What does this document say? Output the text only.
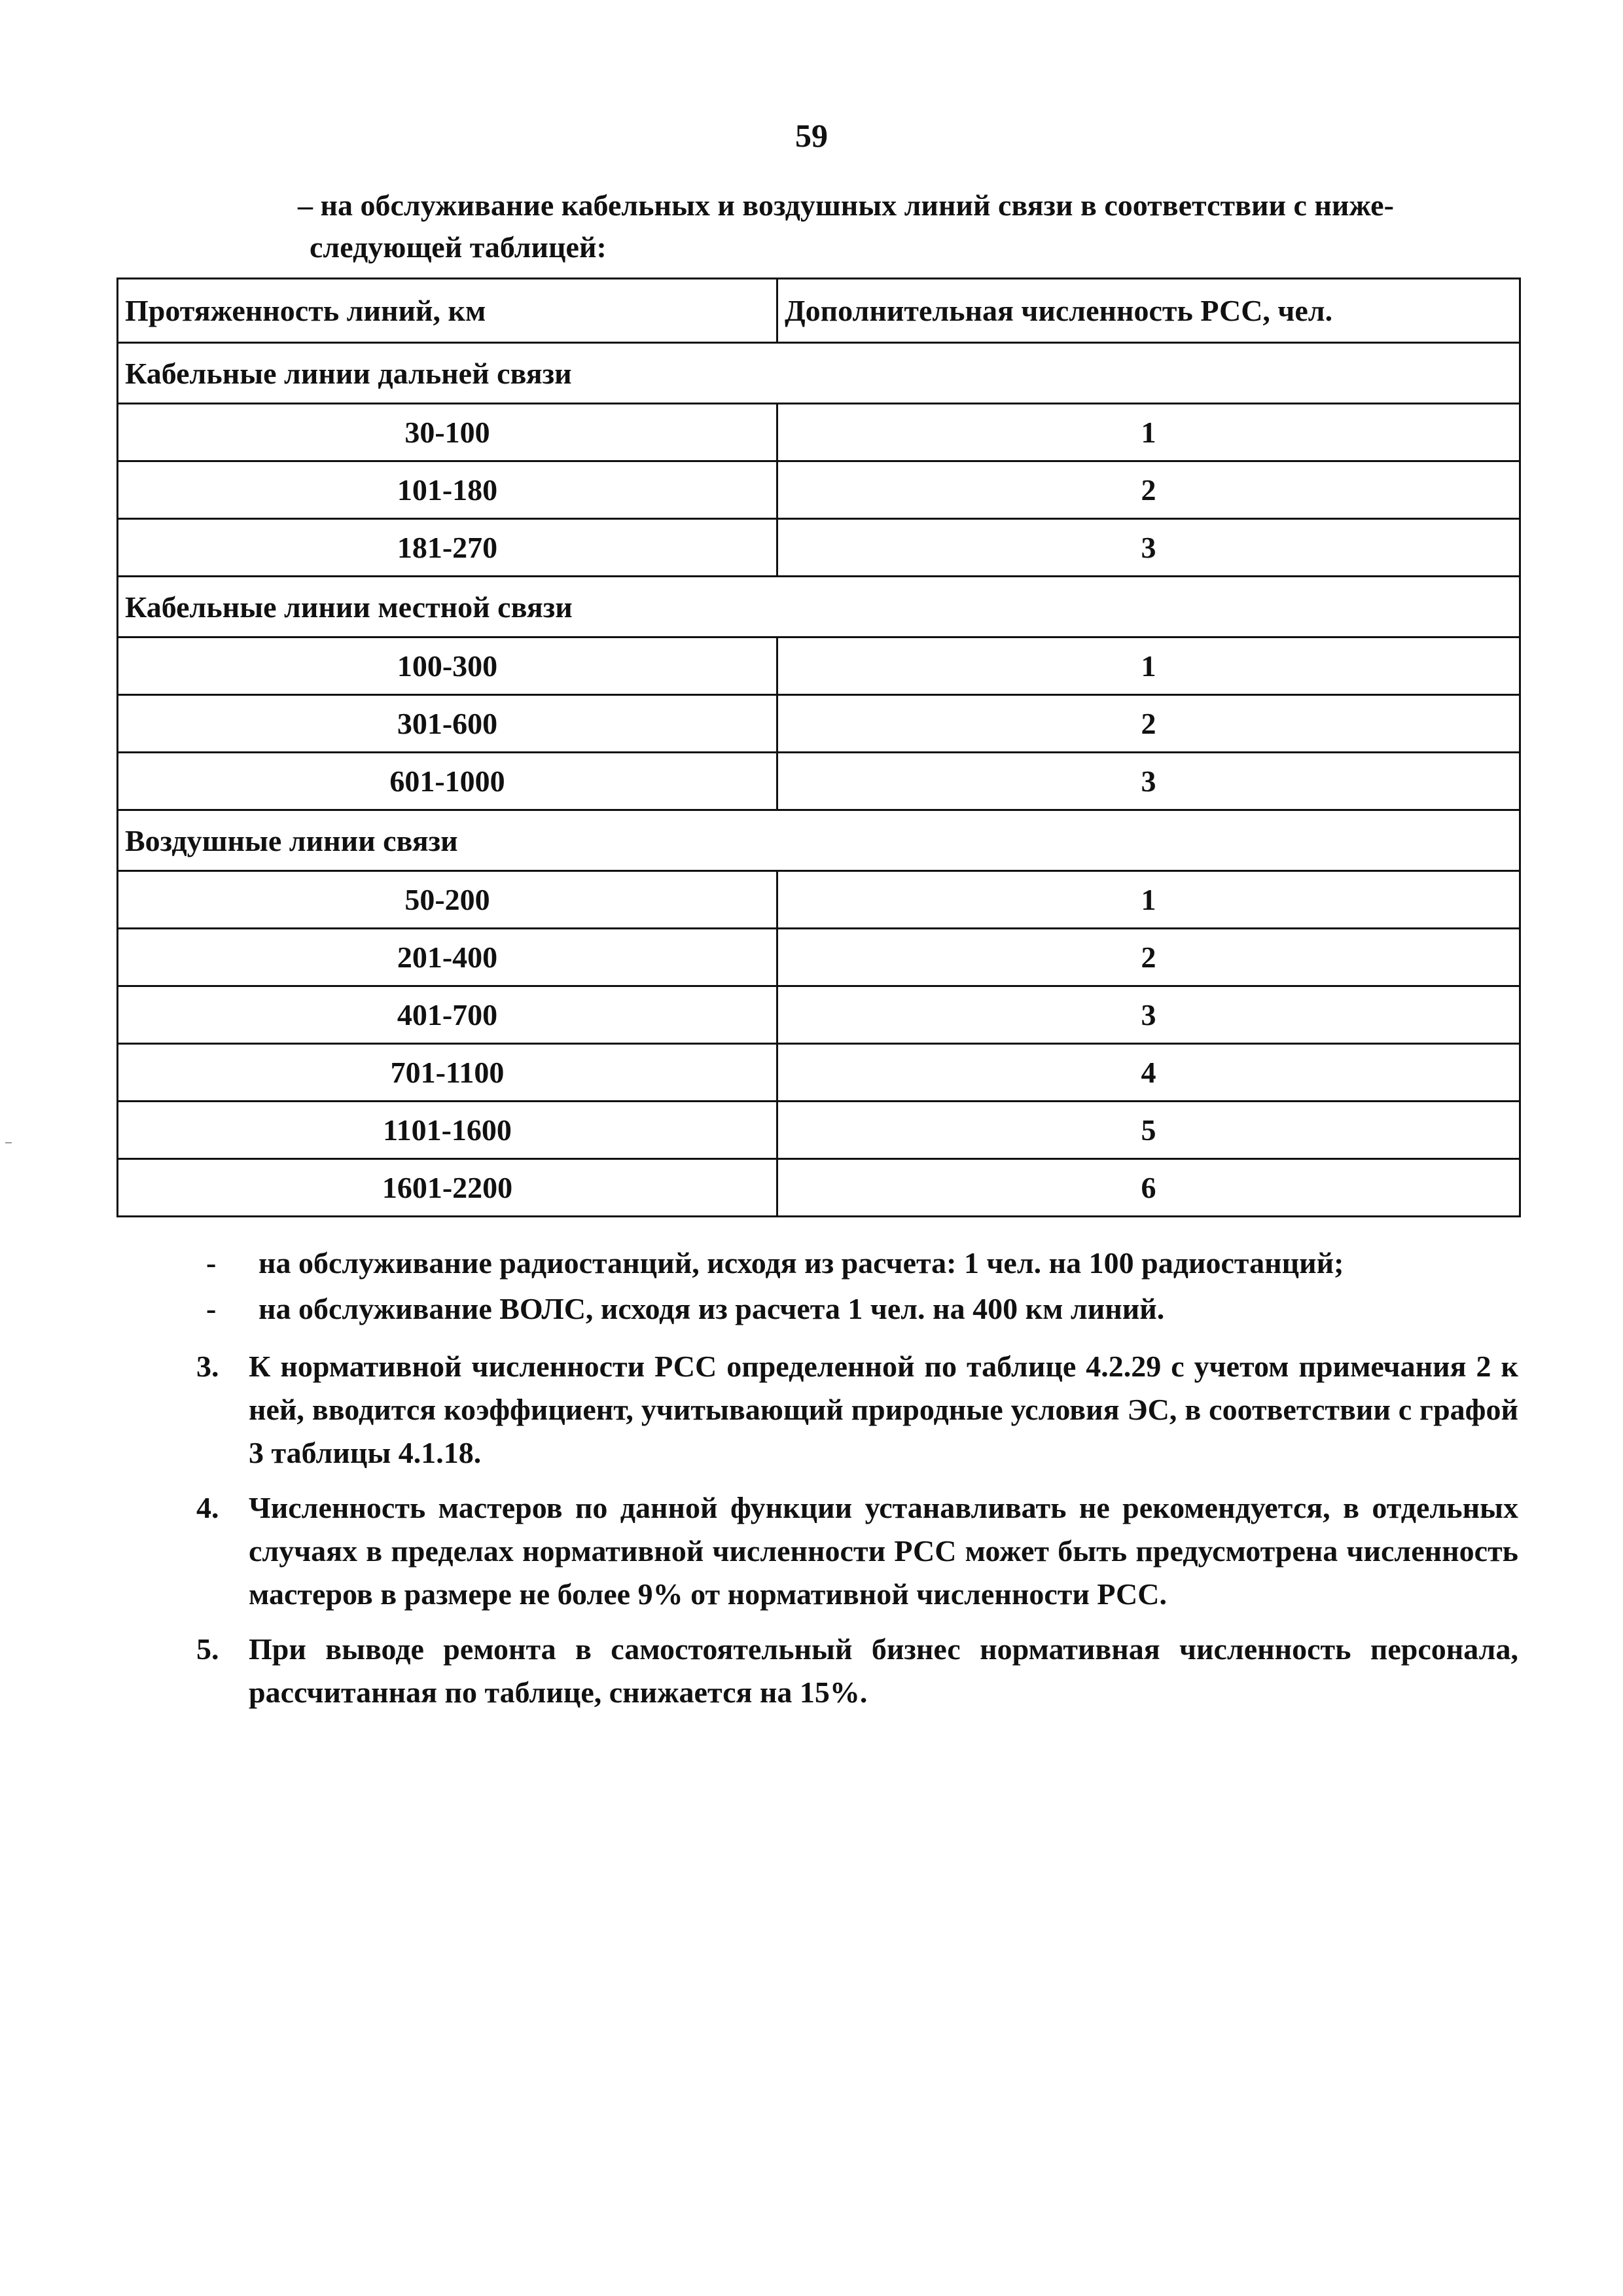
59
– на обслуживание кабельных и воздушных линий связи в соответствии с ниже-
следующей таблицей:
Протяженность линий, км	Дополнительная численность РСС, чел.
Кабельные линии дальней связи	
30-100	1
101-180	2
181-270	3
Кабельные линии местной связи	
100-300	1
301-600	2
601-1000	3
Воздушные линии связи	
50-200	1
201-400	2
401-700	3
701-1100	4
1101-1600	5
1601-2200	6
-	на обслуживание радиостанций, исходя из расчета: 1 чел. на 100 радиостанций;
-	на обслуживание ВОЛС, исходя из расчета 1 чел. на 400 км линий.
3. К нормативной численности РСС определенной по таблице 4.2.29 с учетом примечания 2 к ней, вводится коэффициент, учитывающий природные условия ЭС, в соответствии с графой 3 таблицы 4.1.18.
4. Численность мастеров по данной функции устанавливать не рекомендуется, в отдельных случаях в пределах нормативной численности РСС может быть предусмотрена численность мастеров в размере не более 9% от нормативной численности РСС.
5. При выводе ремонта в самостоятельный бизнес нормативная численность персонала, рассчитанная по таблице, снижается на 15%.
